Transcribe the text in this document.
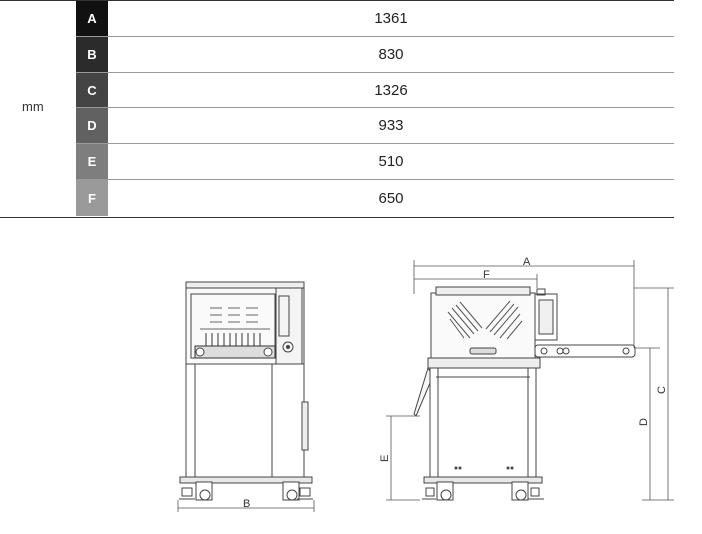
mm
A	1361
B	830
C	1326
D	933
E	510
F	650
B
A
F
C
D
E
